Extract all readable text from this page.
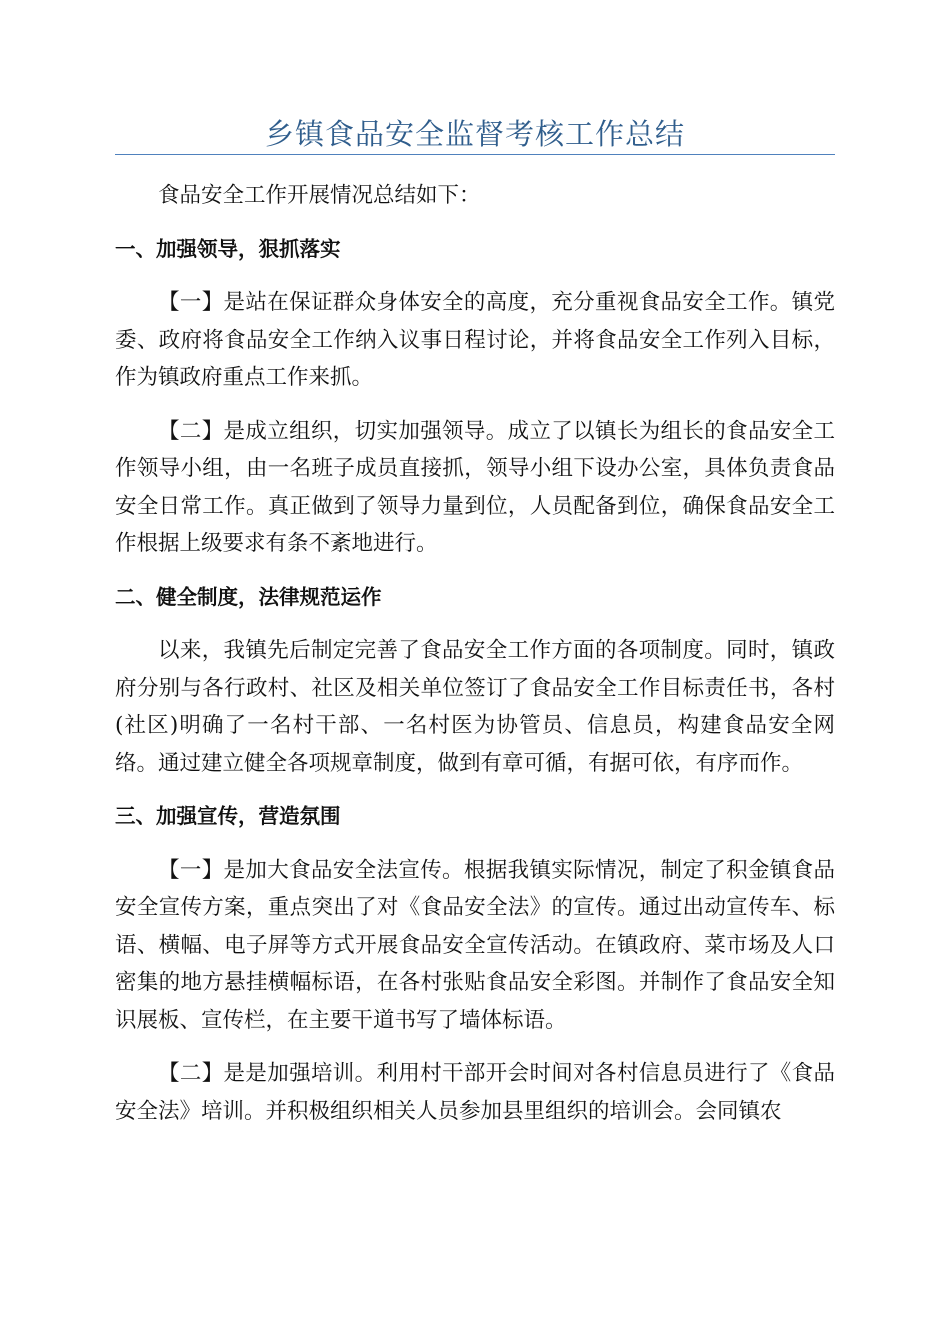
乡镇食品安全监督考核工作总结

食品安全工作开展情况总结如下：

一、加强领导，狠抓落实

【一】是站在保证群众身体安全的高度，充分重视食品安全工作。镇党委、政府将食品安全工作纳入议事日程讨论，并将食品安全工作列入目标，作为镇政府重点工作来抓。

【二】是成立组织，切实加强领导。成立了以镇长为组长的食品安全工作领导小组，由一名班子成员直接抓，领导小组下设办公室，具体负责食品安全日常工作。真正做到了领导力量到位，人员配备到位，确保食品安全工作根据上级要求有条不紊地进行。

二、健全制度，法律规范运作

以来，我镇先后制定完善了食品安全工作方面的各项制度。同时，镇政府分别与各行政村、社区及相关单位签订了食品安全工作目标责任书，各村(社区)明确了一名村干部、一名村医为协管员、信息员，构建食品安全网络。通过建立健全各项规章制度，做到有章可循，有据可依，有序而作。

三、加强宣传，营造氛围

【一】是加大食品安全法宣传。根据我镇实际情况，制定了积金镇食品安全宣传方案，重点突出了对《食品安全法》的宣传。通过出动宣传车、标语、横幅、电子屏等方式开展食品安全宣传活动。在镇政府、菜市场及人口密集的地方悬挂横幅标语，在各村张贴食品安全彩图。并制作了食品安全知识展板、宣传栏，在主要干道书写了墙体标语。

【二】是是加强培训。利用村干部开会时间对各村信息员进行了《食品安全法》培训。并积极组织相关人员参加县里组织的培训会。会同镇农
